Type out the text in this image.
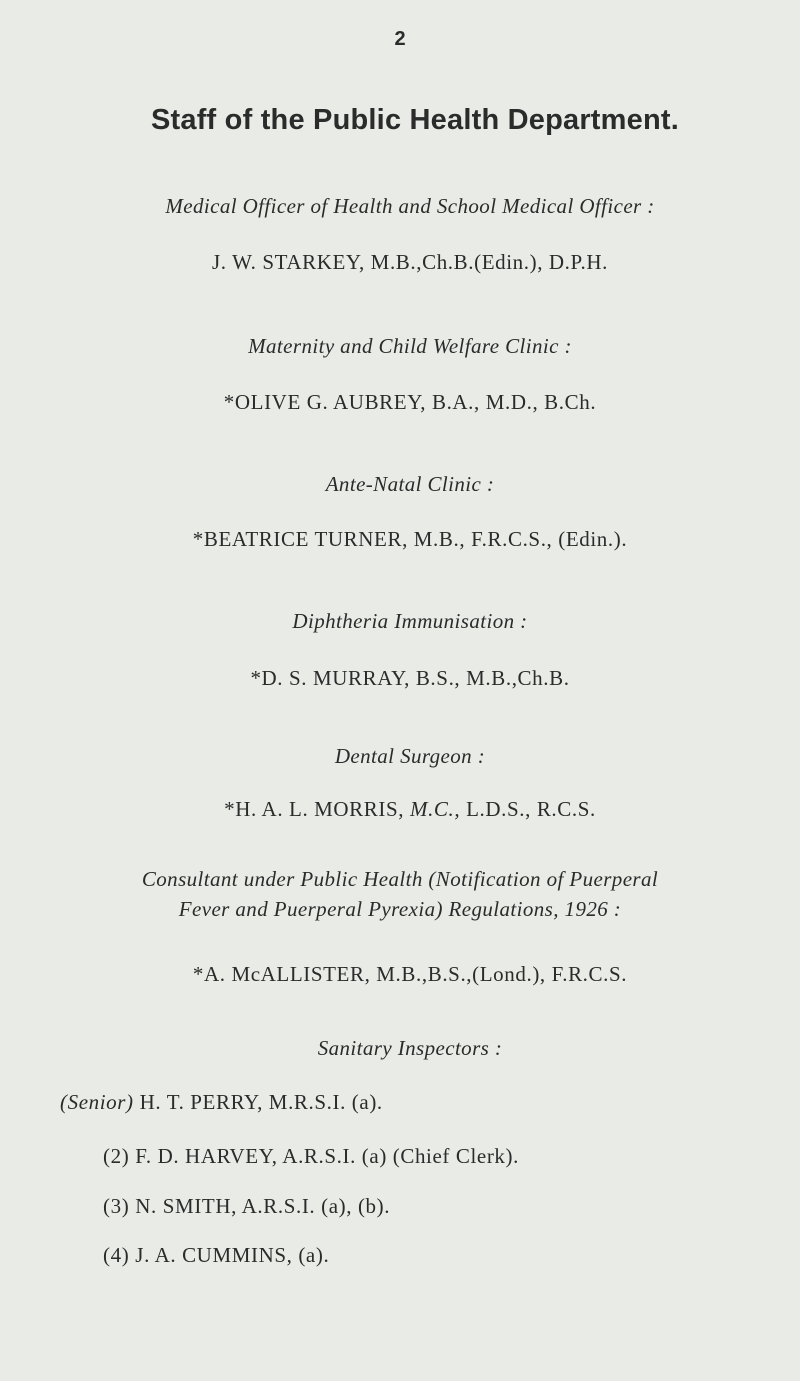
2
Staff of the Public Health Department.
Medical Officer of Health and School Medical Officer :
J. W. STARKEY, M.B.,Ch.B.(Edin.), D.P.H.
Maternity and Child Welfare Clinic :
*OLIVE G. AUBREY, B.A., M.D., B.Ch.
Ante-Natal Clinic :
*BEATRICE TURNER, M.B., F.R.C.S., (Edin.).
Diphtheria Immunisation :
*D. S. MURRAY, B.S., M.B.,Ch.B.
Dental Surgeon :
*H. A. L. MORRIS, M.C., L.D.S., R.C.S.
Consultant under Public Health (Notification of Puerperal
Fever and Puerperal Pyrexia) Regulations, 1926 :
*A. McALLISTER, M.B.,B.S.,(Lond.), F.R.C.S.
Sanitary Inspectors :
(Senior) H. T. PERRY, M.R.S.I. (a).
(2) F. D. HARVEY, A.R.S.I. (a) (Chief Clerk).
(3) N. SMITH, A.R.S.I. (a), (b).
(4) J. A. CUMMINS, (a).
